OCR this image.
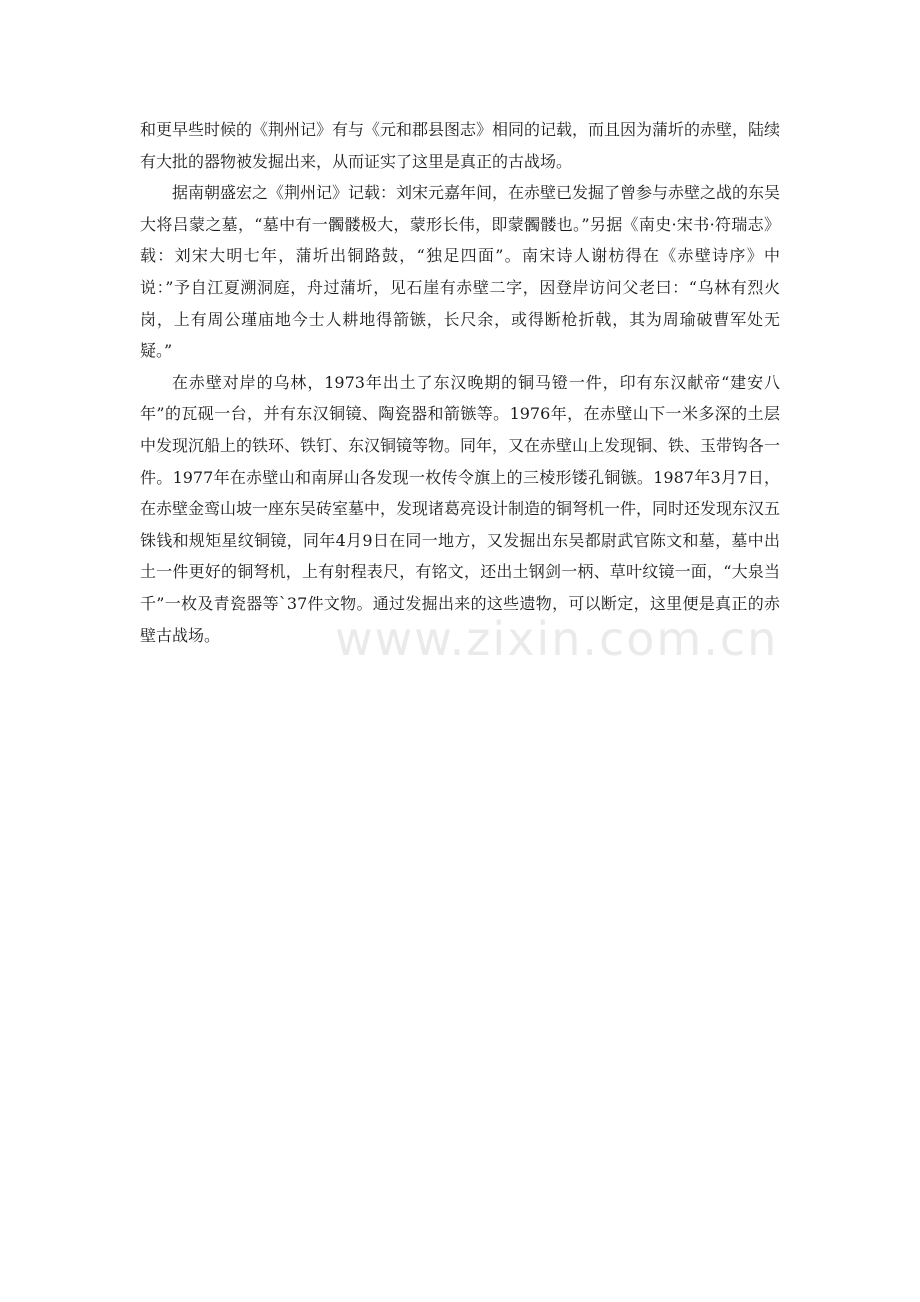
和更早些时候的《荆州记》有与《元和郡县图志》相同的记载，而且因为蒲圻的赤壁，陆续有大批的器物被发掘出来，从而证实了这里是真正的古战场。

据南朝盛宏之《荆州记》记载：刘宋元嘉年间，在赤壁已发掘了曾参与赤壁之战的东吴大将吕蒙之墓，“墓中有一髑髅极大，蒙形长伟，即蒙髑髅也。”另据《南史·宋书·符瑞志》载：刘宋大明七年，蒲圻出铜路鼓，“独足四面”。南宋诗人谢枋得在《赤壁诗序》中说：”予自江夏溯洞庭，舟过蒲圻，见石崖有赤壁二字，因登岸访问父老曰：“乌林有烈火岗，上有周公瑾庙地今士人耕地得箭镞，长尺余，或得断枪折戟，其为周瑜破曹军处无疑。”

在赤壁对岸的乌林，1973年出土了东汉晚期的铜马镫一件，印有东汉献帝“建安八年”的瓦砚一台，并有东汉铜镜、陶瓷器和箭镞等。1976年，在赤壁山下一米多深的土层中发现沉船上的铁环、铁钉、东汉铜镜等物。同年，又在赤壁山上发现铜、铁、玉带钩各一件。1977年在赤壁山和南屏山各发现一枚传令旗上的三棱形镂孔铜镞。1987年3月7日，在赤壁金鸾山坡一座东吴砖室墓中，发现诸葛亮设计制造的铜弩机一件，同时还发现东汉五铢钱和规矩星纹铜镜，同年4月9日在同一地方，又发掘出东吴都尉武官陈文和墓，墓中出土一件更好的铜弩机，上有射程表尺，有铭文，还出土钢剑一柄、草叶纹镜一面，“大泉当千”一枚及青瓷器等`37件文物。通过发掘出来的这些遗物，可以断定，这里便是真正的赤壁古战场。	www.zixin.com.cn
